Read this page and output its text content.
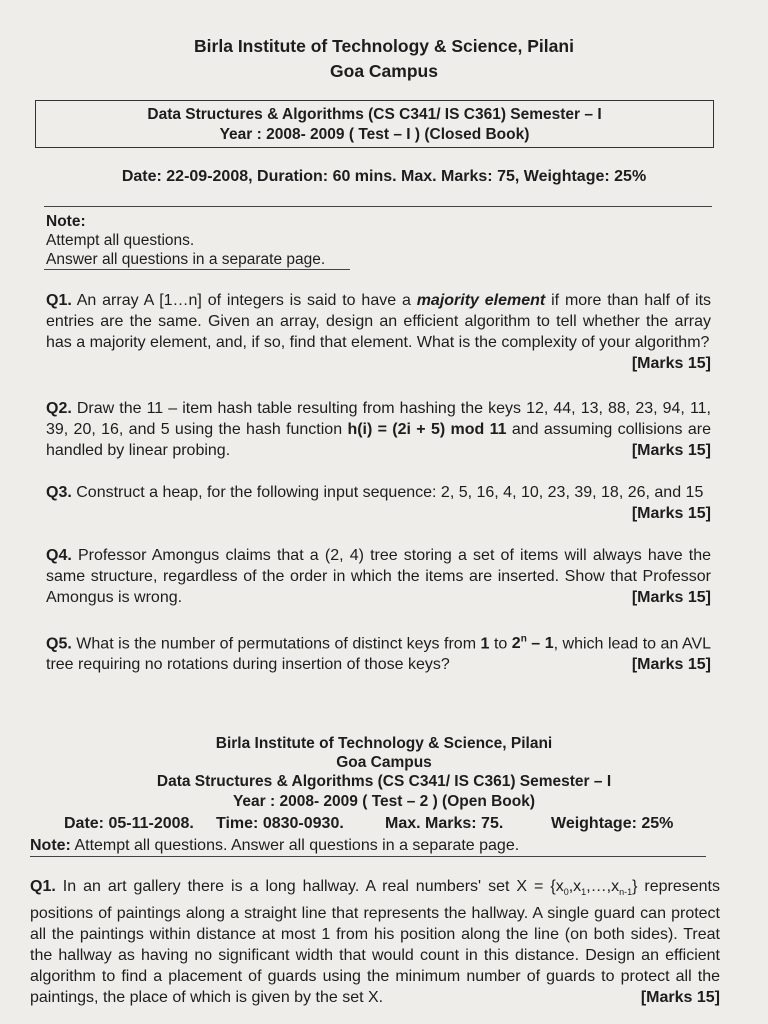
Birla Institute of Technology & Science, Pilani
Goa Campus
Data Structures & Algorithms (CS C341/ IS C361) Semester – I
Year : 2008- 2009 ( Test – I ) (Closed Book)
Date: 22-09-2008, Duration: 60 mins. Max. Marks: 75, Weightage: 25%
Note:
Attempt all questions.
Answer all questions in a separate page.
Q1. An array A [1…n] of integers is said to have a majority element if more than half of its entries are the same. Given an array, design an efficient algorithm to tell whether the array has a majority element, and, if so, find that element. What is the complexity of your algorithm?
[Marks 15]
Q2. Draw the 11 – item hash table resulting from hashing the keys 12, 44, 13, 88, 23, 94, 11, 39, 20, 16, and 5 using the hash function h(i) = (2i + 5) mod 11 and assuming collisions are handled by linear probing.	[Marks 15]
Q3. Construct a heap, for the following input sequence: 2, 5, 16, 4, 10, 23, 39, 18, 26, and 15
[Marks 15]
Q4. Professor Amongus claims that a (2, 4) tree storing a set of items will always have the same structure, regardless of the order in which the items are inserted. Show that Professor Amongus is wrong.	[Marks 15]
Q5. What is the number of permutations of distinct keys from 1 to 2$^n$ – 1, which lead to an AVL tree requiring no rotations during insertion of those keys?	[Marks 15]
Birla Institute of Technology & Science, Pilani
Goa Campus
Data Structures & Algorithms (CS C341/ IS C361) Semester – I
Year : 2008- 2009 ( Test – 2 ) (Open Book)
Date: 05-11-2008. Time: 0830-0930.	Max. Marks: 75.	Weightage: 25%
Note: Attempt all questions. Answer all questions in a separate page.
Q1. In an art gallery there is a long hallway. A real numbers' set $X = \{x_0,x_1,\dots,x_{n-1}\}$ represents positions of paintings along a straight line that represents the hallway. A single guard can protect all the paintings within distance at most 1 from his position along the line (on both sides). Treat the hallway as having no significant width that would count in this distance. Design an efficient algorithm to find a placement of guards using the minimum number of guards to protect all the paintings, the place of which is given by the set X.	[Marks 15]
